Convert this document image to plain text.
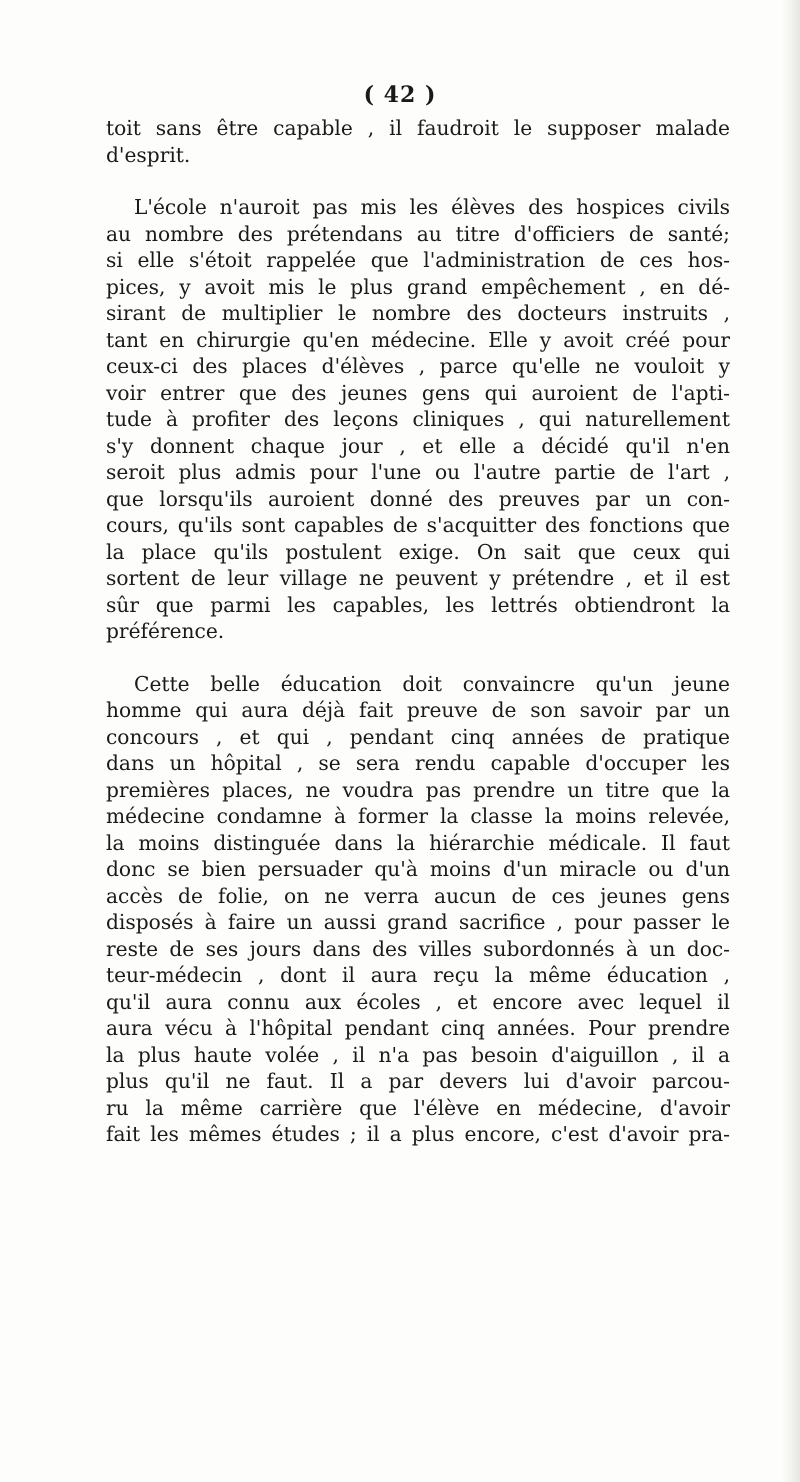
( 42 )
toit sans être capable , il faudroit le supposer malade
d'esprit.
L'école n'auroit pas mis les élèves des hospices civils
au nombre des prétendans au titre d'officiers de santé;
si elle s'étoit rappelée que l'administration de ces hos-
pices, y avoit mis le plus grand empêchement , en dé-
sirant de multiplier le nombre des docteurs instruits ,
tant en chirurgie qu'en médecine. Elle y avoit créé pour
ceux-ci des places d'élèves , parce qu'elle ne vouloit y
voir entrer que des jeunes gens qui auroient de l'apti-
tude à profiter des leçons cliniques , qui naturellement
s'y donnent chaque jour , et elle a décidé qu'il n'en
seroit plus admis pour l'une ou l'autre partie de l'art ,
que lorsqu'ils auroient donné des preuves par un con-
cours, qu'ils sont capables de s'acquitter des fonctions que
la place qu'ils postulent exige. On sait que ceux qui
sortent de leur village ne peuvent y prétendre , et il est
sûr que parmi les capables, les lettrés obtiendront la
préférence.
Cette belle éducation doit convaincre qu'un jeune
homme qui aura déjà fait preuve de son savoir par un
concours , et qui , pendant cinq années de pratique
dans un hôpital , se sera rendu capable d'occuper les
premières places, ne voudra pas prendre un titre que la
médecine condamne à former la classe la moins relevée,
la moins distinguée dans la hiérarchie médicale. Il faut
donc se bien persuader qu'à moins d'un miracle ou d'un
accès de folie, on ne verra aucun de ces jeunes gens
disposés à faire un aussi grand sacrifice , pour passer le
reste de ses jours dans des villes subordonnés à un doc-
teur-médecin , dont il aura reçu la même éducation ,
qu'il aura connu aux écoles , et encore avec lequel il
aura vécu à l'hôpital pendant cinq années. Pour prendre
la plus haute volée , il n'a pas besoin d'aiguillon , il a
plus qu'il ne faut. Il a par devers lui d'avoir parcou-
ru la même carrière que l'élève en médecine, d'avoir
fait les mêmes études ; il a plus encore, c'est d'avoir pra-
